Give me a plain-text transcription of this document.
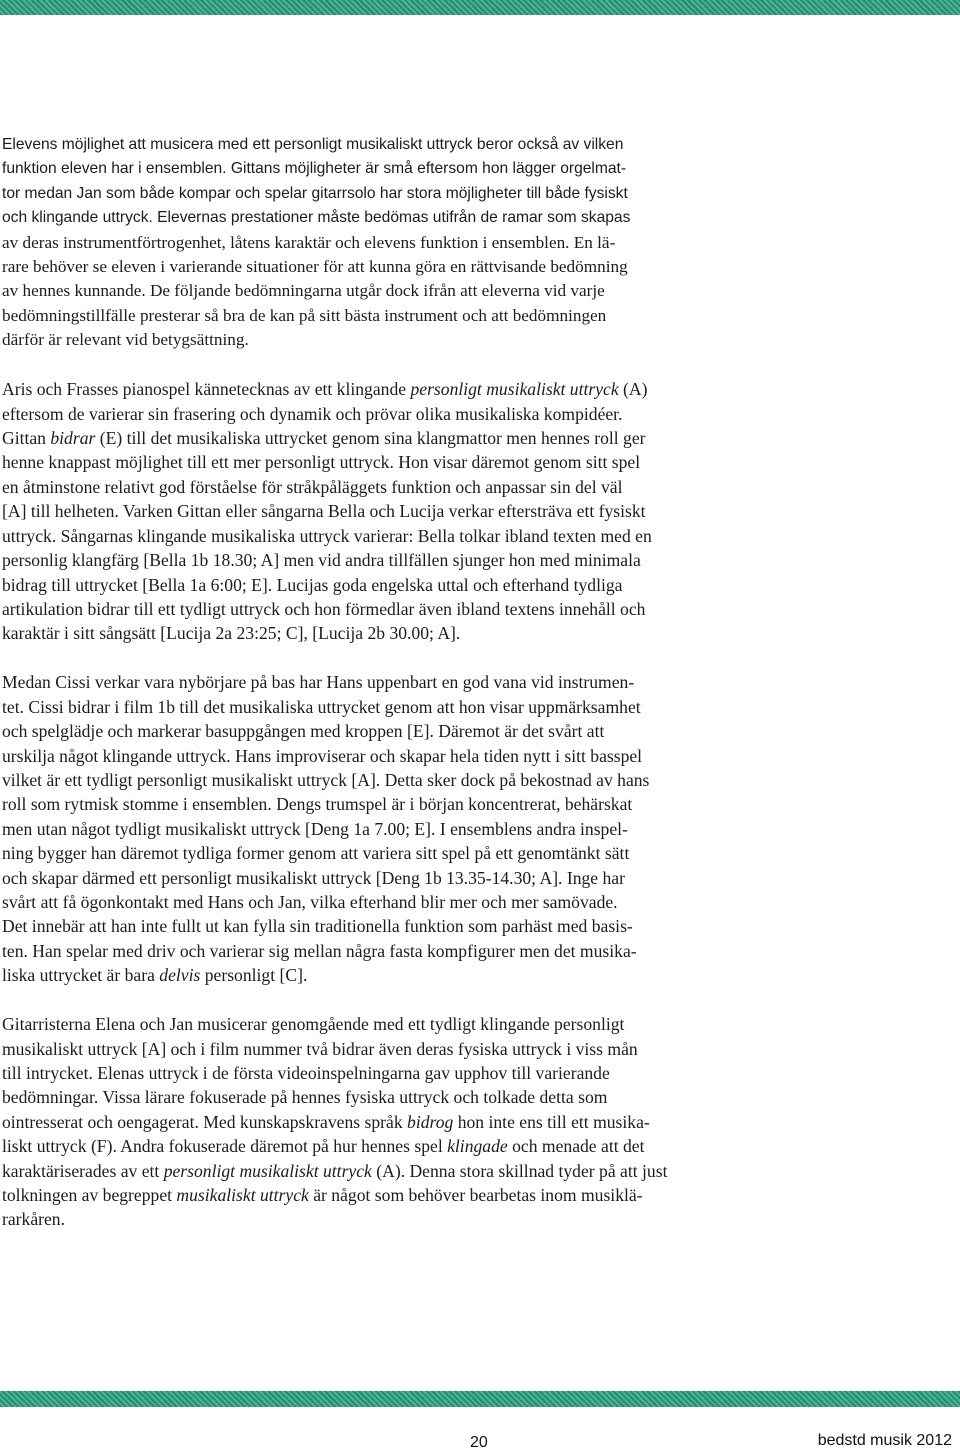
Elevens möjlighet att musicera med ett personligt musikaliskt uttryck beror också av vilken
funktion eleven har i ensemblen. Gittans möjligheter är små eftersom hon lägger orgelmat-
tor medan Jan som både kompar och spelar gitarrsolo har stora möjligheter till både fysiskt
och klingande uttryck. Elevernas prestationer måste bedömas utifrån de ramar som skapas
av deras instrumentförtrogenhet, låtens karaktär och elevens funktion i ensemblen. En lä-
rare behöver se eleven i varierande situationer för att kunna göra en rättvisande bedömning
av hennes kunnande. De följande bedömningarna utgår dock ifrån att eleverna vid varje
bedömningstillfälle presterar så bra de kan på sitt bästa instrument och att bedömningen
därför är relevant vid betygsättning.
Aris och Frasses pianospel kännetecknas av ett klingande personligt musikaliskt uttryck (A)
eftersom de varierar sin frasering och dynamik och prövar olika musikaliska kompidéer.
Gittan bidrar (E) till det musikaliska uttrycket genom sina klangmattor men hennes roll ger
henne knappast möjlighet till ett mer personligt uttryck. Hon visar däremot genom sitt spel
en åtminstone relativt god förståelse för stråkpåläggets funktion och anpassar sin del väl
[A] till helheten. Varken Gittan eller sångarna Bella och Lucija verkar eftersträva ett fysiskt
uttryck. Sångarnas klingande musikaliska uttryck varierar: Bella tolkar ibland texten med en
personlig klangfärg [Bella 1b 18.30; A] men vid andra tillfällen sjunger hon med minimala
bidrag till uttrycket [Bella 1a 6:00; E]. Lucijas goda engelska uttal och efterhand tydliga
artikulation bidrar till ett tydligt uttryck och hon förmedlar även ibland textens innehåll och
karaktär i sitt sångsätt [Lucija 2a 23:25; C], [Lucija 2b 30.00; A].
Medan Cissi verkar vara nybörjare på bas har Hans uppenbart en god vana vid instrumen-
tet. Cissi bidrar i film 1b till det musikaliska uttrycket genom att hon visar uppmärksamhet
och spelglädje och markerar basuppgången med kroppen [E]. Däremot är det svårt att
urskilja något klingande uttryck. Hans improviserar och skapar hela tiden nytt i sitt basspel
vilket är ett tydligt personligt musikaliskt uttryck [A]. Detta sker dock på bekostnad av hans
roll som rytmisk stomme i ensemblen. Dengs trumspel är i början koncentrerat, behärskat
men utan något tydligt musikaliskt uttryck [Deng 1a 7.00; E]. I ensemblens andra inspel-
ning bygger han däremot tydliga former genom att variera sitt spel på ett genomtänkt sätt
och skapar därmed ett personligt musikaliskt uttryck [Deng 1b 13.35-14.30; A]. Inge har
svårt att få ögonkontakt med Hans och Jan, vilka efterhand blir mer och mer samövade.
Det innebär att han inte fullt ut kan fylla sin traditionella funktion som parhäst med basis-
ten. Han spelar med driv och varierar sig mellan några fasta kompfigurer men det musika-
liska uttrycket är bara delvis personligt [C].
Gitarristerna Elena och Jan musicerar genomgående med ett tydligt klingande personligt
musikaliskt uttryck [A] och i film nummer två bidrar även deras fysiska uttryck i viss mån
till intrycket. Elenas uttryck i de första videoinspelningarna gav upphov till varierande
bedömningar. Vissa lärare fokuserade på hennes fysiska uttryck och tolkade detta som
ointresserat och oengagerat. Med kunskapskravens språk bidrog hon inte ens till ett musika-
liskt uttryck (F). Andra fokuserade däremot på hur hennes spel klingade och menade att det
karaktäriserades av ett personligt musikaliskt uttryck (A). Denna stora skillnad tyder på att just
tolkningen av begreppet musikaliskt uttryck är något som behöver bearbetas inom musiklä-
rarkåren.
20	bedstd musik 2012
